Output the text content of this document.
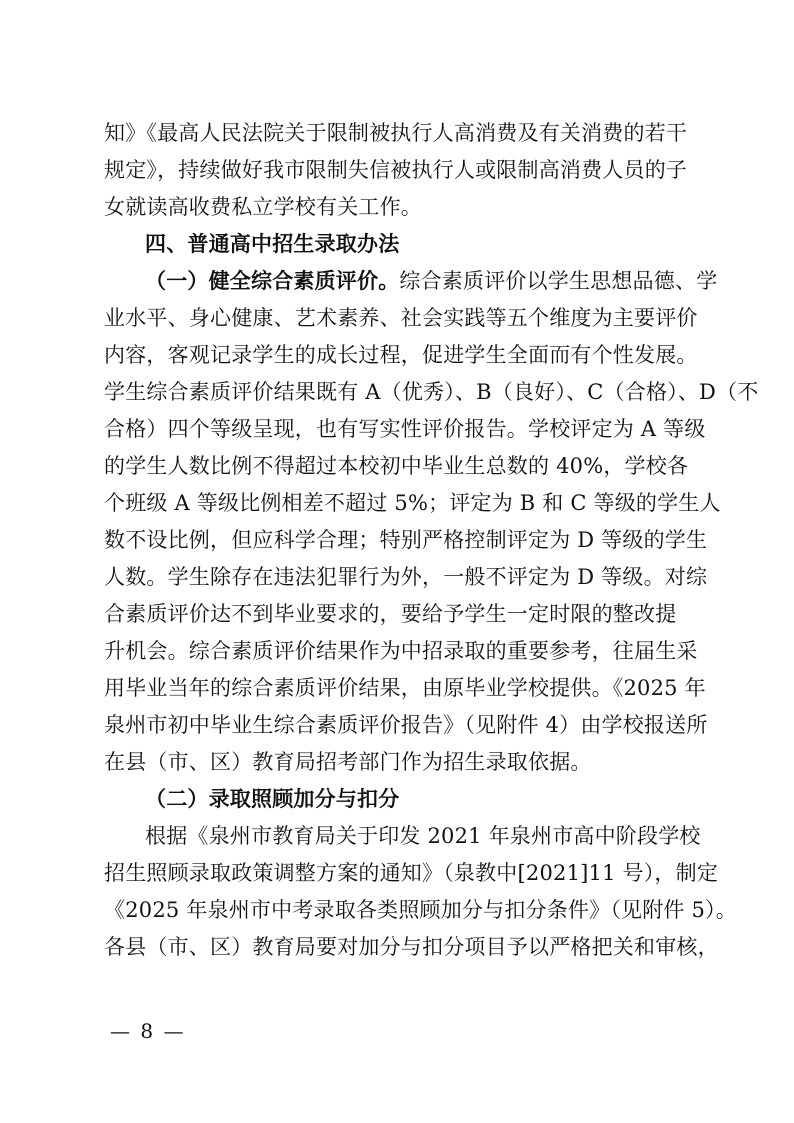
知》《最高人民法院关于限制被执行人高消费及有关消费的若干
规定》，持续做好我市限制失信被执行人或限制高消费人员的子
女就读高收费私立学校有关工作。
四、普通高中招生录取办法
（一）健全综合素质评价。综合素质评价以学生思想品德、学
业水平、身心健康、艺术素养、社会实践等五个维度为主要评价
内容，客观记录学生的成长过程，促进学生全面而有个性发展。
学生综合素质评价结果既有 A（优秀）、B（良好）、C（合格）、D（不
合格）四个等级呈现，也有写实性评价报告。学校评定为 A 等级
的学生人数比例不得超过本校初中毕业生总数的 40%，学校各
个班级 A 等级比例相差不超过 5%；评定为 B 和 C 等级的学生人
数不设比例，但应科学合理；特别严格控制评定为 D 等级的学生
人数。学生除存在违法犯罪行为外，一般不评定为 D 等级。对综
合素质评价达不到毕业要求的，要给予学生一定时限的整改提
升机会。综合素质评价结果作为中招录取的重要参考，往届生采
用毕业当年的综合素质评价结果，由原毕业学校提供。《2025 年
泉州市初中毕业生综合素质评价报告》（见附件 4）由学校报送所
在县（市、区）教育局招考部门作为招生录取依据。
（二）录取照顾加分与扣分
根据《泉州市教育局关于印发 2021 年泉州市高中阶段学校
招生照顾录取政策调整方案的通知》（泉教中[2021]11 号），制定
《2025 年泉州市中考录取各类照顾加分与扣分条件》（见附件 5）。
各县（市、区）教育局要对加分与扣分项目予以严格把关和审核，
— 8 —
